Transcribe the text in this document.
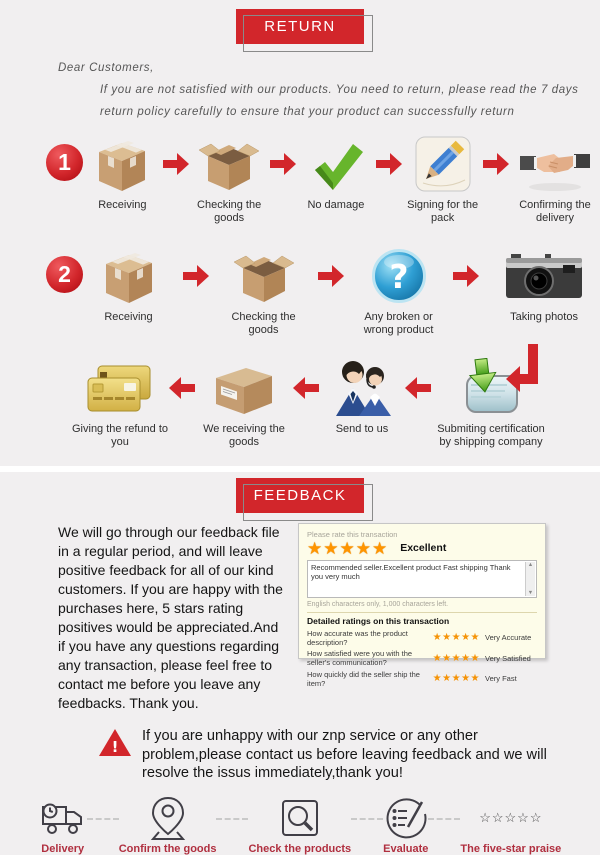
RETURN
Dear Customers,
If you are not satisfied with our products. You need to return, please read the 7 days
return policy carefully to ensure that your product can successfully return
1
Receiving	Checking the goods
No damage	Signing for the pack
Confirming the delivery
2
Receiving	Checking the goods
?
Any broken or wrong product
Taking photos
Giving the refund to you
We receiving the goods
Send to us	Submiting certification by shipping company
FEEDBACK
We will go through our feedback file in a regular period, and will leave positive feedback for all of our kind customers. If you are happy with the purchases here, 5 stars rating positives would be appreciated.And if you have any questions regarding any transaction, please feel free to contact me before you leave any feedbacks. Thank you.
Please rate this transaction
★★★★★ Excellent
Recommended seller.Excellent product Fast shipping Thank you very much
▲
▼
English characters only, 1,000 characters left.
Detailed ratings on this transaction
How accurate was the product description?	★★★★★ Very Accurate
How satisfied were you with the seller's communication?	★★★★★ Very Satisfied
How quickly did the seller ship the item?	★★★★★ Very Fast
!
If you are unhappy with our znp service or any other problem,please contact us before leaving feedback and we will resolve the issus immediately,thank you!
Delivery	Confirm the goods	Check the products	Evaluate
☆☆☆☆☆
The five-star praise
